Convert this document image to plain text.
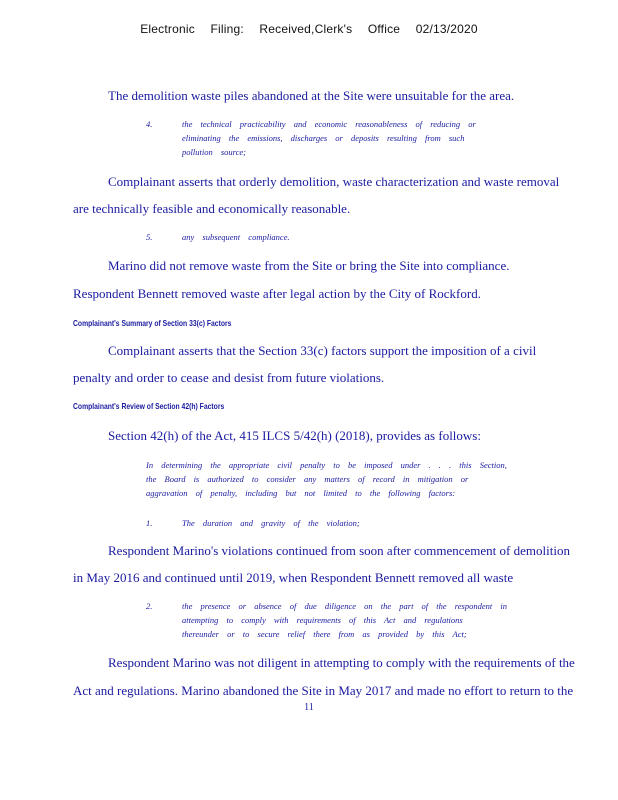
Electronic Filing: Received,Clerk's Office 02/13/2020
The demolition waste piles abandoned at the Site were unsuitable for the area.
4.	the technical practicability and economic reasonableness of reducing or
eliminating the emissions, discharges or deposits resulting from such
pollution source;
Complainant asserts that orderly demolition, waste characterization and waste removal
are technically feasible and economically reasonable.
5.	any subsequent compliance.
Marino did not remove waste from the Site or bring the Site into compliance.
Respondent Bennett removed waste after legal action by the City of Rockford.
Complainant's Summary of Section 33(c) Factors
Complainant asserts that the Section 33(c) factors support the imposition of a civil
penalty and order to cease and desist from future violations.
Complainant's Review of Section 42(h) Factors
Section 42(h) of the Act, 415 ILCS 5/42(h) (2018), provides as follows:
In determining the appropriate civil penalty to be imposed under . . . this Section,
the Board is authorized to consider any matters of record in mitigation or
aggravation of penalty, including but not limited to the following factors:
1.	The duration and gravity of the violation;
Respondent Marino's violations continued from soon after commencement of demolition
in May 2016 and continued until 2019, when Respondent Bennett removed all waste
2.	the presence or absence of due diligence on the part of the respondent in
attempting to comply with requirements of this Act and regulations
thereunder or to secure relief there from as provided by this Act;
Respondent Marino was not diligent in attempting to comply with the requirements of the
Act and regulations. Marino abandoned the Site in May 2017 and made no effort to return to the
11
